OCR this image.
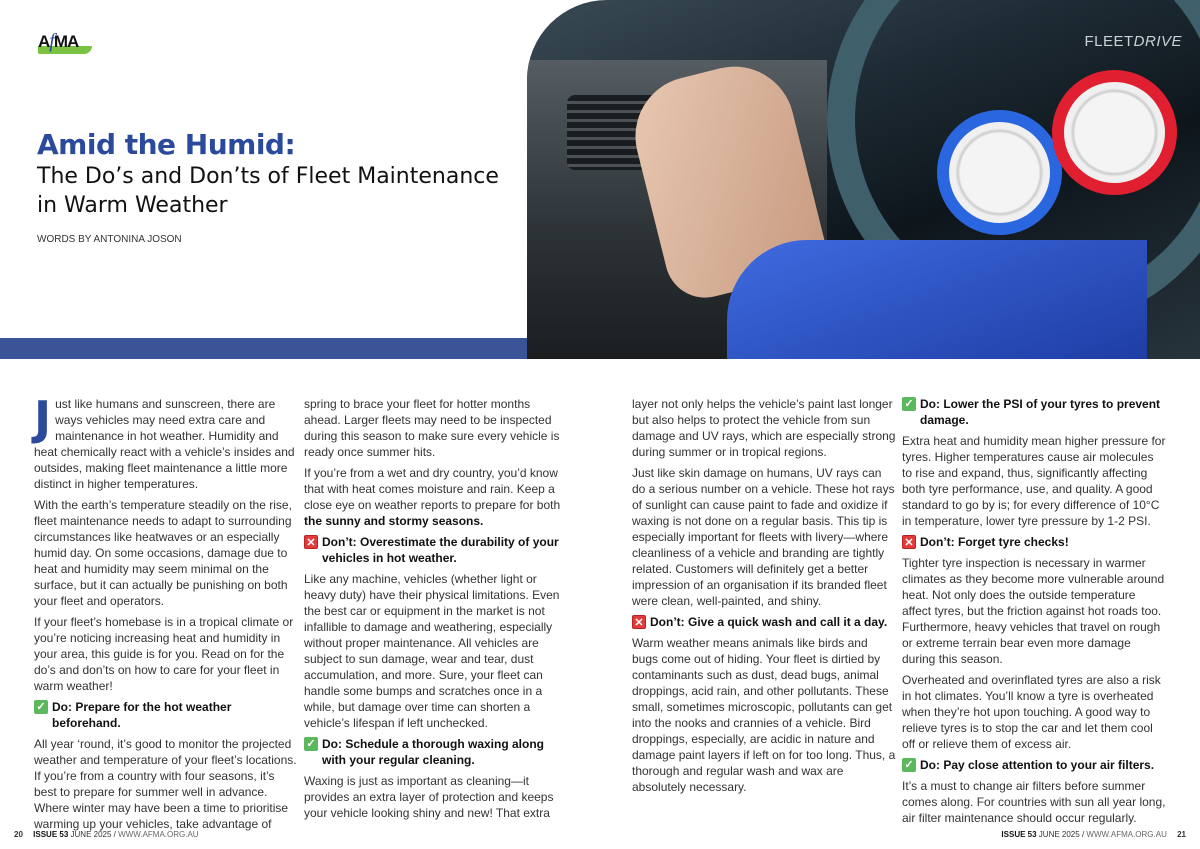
AfMA
Amid the Humid:
The Do’s and Don’ts of Fleet Maintenance in Warm Weather
WORDS BY ANTONINA JOSON
FLEETDRIVE

Just like humans and sunscreen, there are ways vehicles may need extra care and maintenance in hot weather. Humidity and heat chemically react with a vehicle’s insides and outsides, making fleet maintenance a little more distinct in higher temperatures.

With the earth’s temperature steadily on the rise, fleet maintenance needs to adapt to surrounding circumstances like heatwaves or an especially humid day. On some occasions, damage due to heat and humidity may seem minimal on the surface, but it can actually be punishing on both your fleet and operators.

If your fleet’s homebase is in a tropical climate or you’re noticing increasing heat and humidity in your area, this guide is for you. Read on for the do’s and don’ts on how to care for your fleet in warm weather!

✓ Do: Prepare for the hot weather beforehand.

All year ‘round, it’s good to monitor the projected weather and temperature of your fleet’s locations. If you’re from a country with four seasons, it’s best to prepare for summer well in advance. Where winter may have been a time to prioritise warming up your vehicles, take advantage of

spring to brace your fleet for hotter months ahead. Larger fleets may need to be inspected during this season to make sure every vehicle is ready once summer hits.

If you’re from a wet and dry country, you’d know that with heat comes moisture and rain. Keep a close eye on weather reports to prepare for both the sunny and stormy seasons.

✕ Don’t: Overestimate the durability of your vehicles in hot weather.

Like any machine, vehicles (whether light or heavy duty) have their physical limitations. Even the best car or equipment in the market is not infallible to damage and weathering, especially without proper maintenance. All vehicles are subject to sun damage, wear and tear, dust accumulation, and more. Sure, your fleet can handle some bumps and scratches once in a while, but damage over time can shorten a vehicle’s lifespan if left unchecked.

✓ Do: Schedule a thorough waxing along with your regular cleaning.

Waxing is just as important as cleaning—it provides an extra layer of protection and keeps your vehicle looking shiny and new! That extra

layer not only helps the vehicle’s paint last longer but also helps to protect the vehicle from sun damage and UV rays, which are especially strong during summer or in tropical regions.

Just like skin damage on humans, UV rays can do a serious number on a vehicle. These hot rays of sunlight can cause paint to fade and oxidize if waxing is not done on a regular basis. This tip is especially important for fleets with livery—where cleanliness of a vehicle and branding are tightly related. Customers will definitely get a better impression of an organisation if its branded fleet were clean, well-painted, and shiny.

✕ Don’t: Give a quick wash and call it a day.

Warm weather means animals like birds and bugs come out of hiding. Your fleet is dirtied by contaminants such as dust, dead bugs, animal droppings, acid rain, and other pollutants. These small, sometimes microscopic, pollutants can get into the nooks and crannies of a vehicle. Bird droppings, especially, are acidic in nature and damage paint layers if left on for too long. Thus, a thorough and regular wash and wax are absolutely necessary.

✓ Do: Lower the PSI of your tyres to prevent damage.

Extra heat and humidity mean higher pressure for tyres. Higher temperatures cause air molecules to rise and expand, thus, significantly affecting both tyre performance, use, and quality. A good standard to go by is; for every difference of 10°C in temperature, lower tyre pressure by 1-2 PSI.

✕ Don’t: Forget tyre checks!

Tighter tyre inspection is necessary in warmer climates as they become more vulnerable around heat. Not only does the outside temperature affect tyres, but the friction against hot roads too. Furthermore, heavy vehicles that travel on rough or extreme terrain bear even more damage during this season.

Overheated and overinflated tyres are also a risk in hot climates. You’ll know a tyre is overheated when they’re hot upon touching. A good way to relieve tyres is to stop the car and let them cool off or relieve them of excess air.

✓ Do: Pay close attention to your air filters.

It’s a must to change air filters before summer comes along. For countries with sun all year long, air filter maintenance should occur regularly.

20 ISSUE 53 JUNE 2025 / WWW.AFMA.ORG.AU	ISSUE 53 JUNE 2025 / WWW.AFMA.ORG.AU 21
